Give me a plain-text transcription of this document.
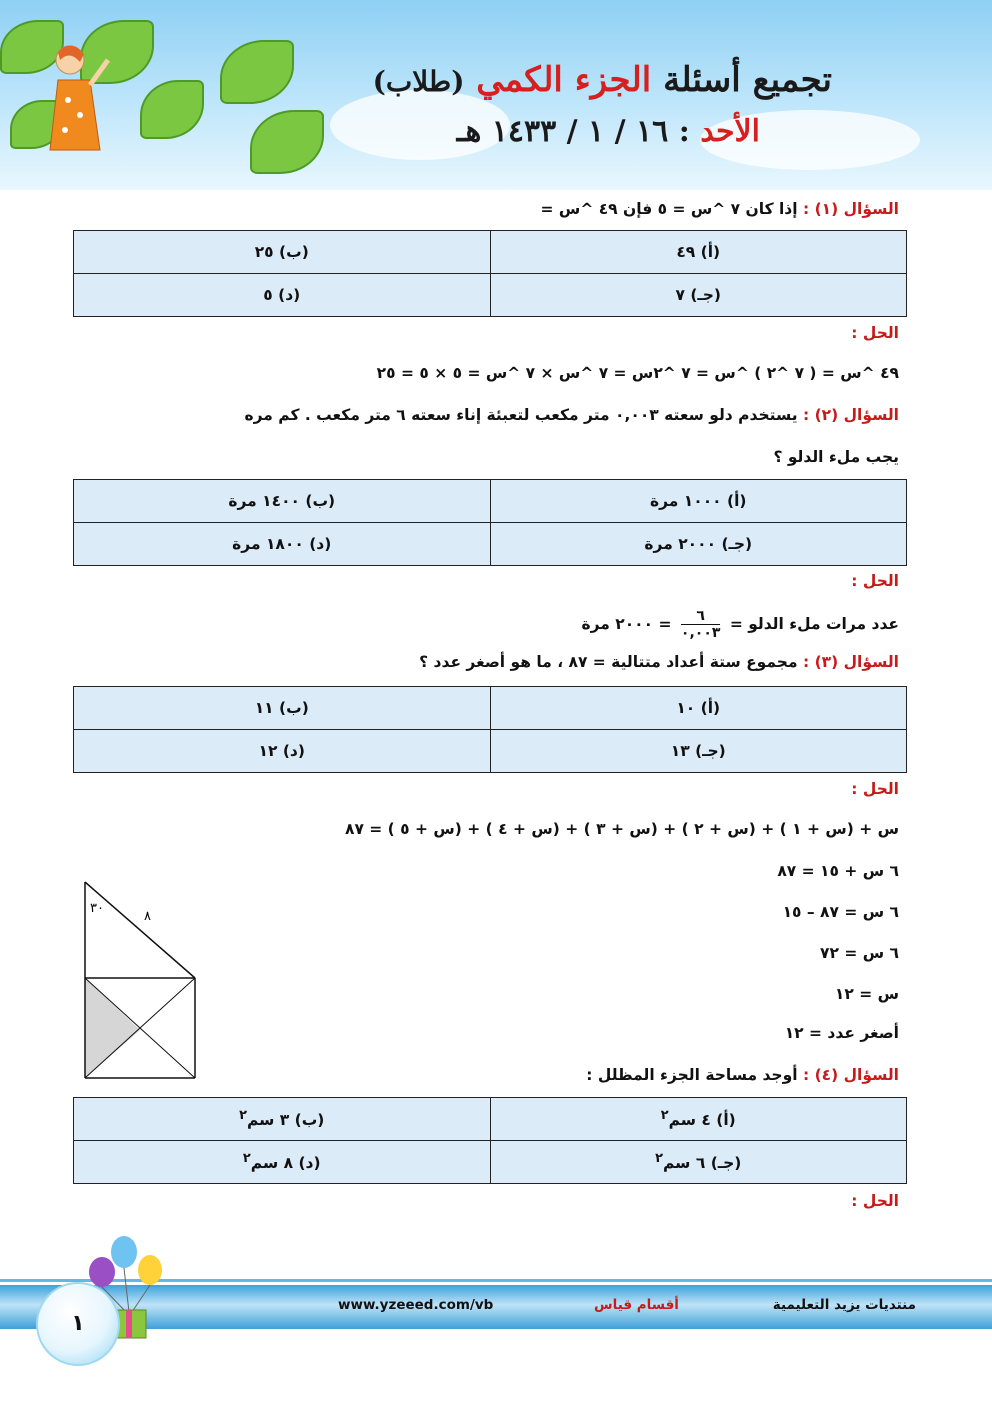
تجميع أسئلة الجزء الكمي (طلاب)
الأحد : ١٦ / ١ / ١٤٣٣ هـ
السؤال (١) : إذا كان ٧ ^س = ٥ فإن ٤٩ ^س =
(أ) ٤٩	(ب) ٢٥
(جـ) ٧	(د) ٥
الحل :
٤٩ ^س = ( ٧ ^٢ ) ^س = ٧ ^٢س = ٧ ^س × ٧ ^س = ٥ × ٥ = ٢٥
السؤال (٢) : يستخدم دلو سعته ٠,٠٠٣ متر مكعب لتعبئة إناء سعته ٦ متر مكعب . كم مره
يجب ملء الدلو ؟
(أ) ١٠٠٠ مرة	(ب) ١٤٠٠ مرة
(جـ) ٢٠٠٠ مرة	(د) ١٨٠٠ مرة
الحل :
عدد مرات ملء الدلو =
$\frac{٦}{٠,٠٠٣}$
= ٢٠٠٠ مرة
السؤال (٣) : مجموع ستة أعداد متتالية = ٨٧ ، ما هو أصغر عدد ؟
(أ) ١٠	(ب) ١١
(جـ) ١٣	(د) ١٢
الحل :
س + (س + ١ ) + (س + ٢ ) + (س + ٣ ) + (س + ٤ ) + (س + ٥ ) = ٨٧
٦ س + ١٥ = ٨٧
٦ س = ٨٧ – ١٥
٦ س = ٧٢
س = ١٢
أصغر عدد = ١٢
السؤال (٤) : أوجد مساحة الجزء المظلل :
(أ) ٤ سم$^٢$	(ب) ٣ سم$^٢$
(جـ) ٦ سم$^٢$	(د) ٨ سم$^٢$
الحل :
٣٠
٨
منتديات يزيد التعليمية
أقسام قياس
www.yzeeed.com/vb
١
